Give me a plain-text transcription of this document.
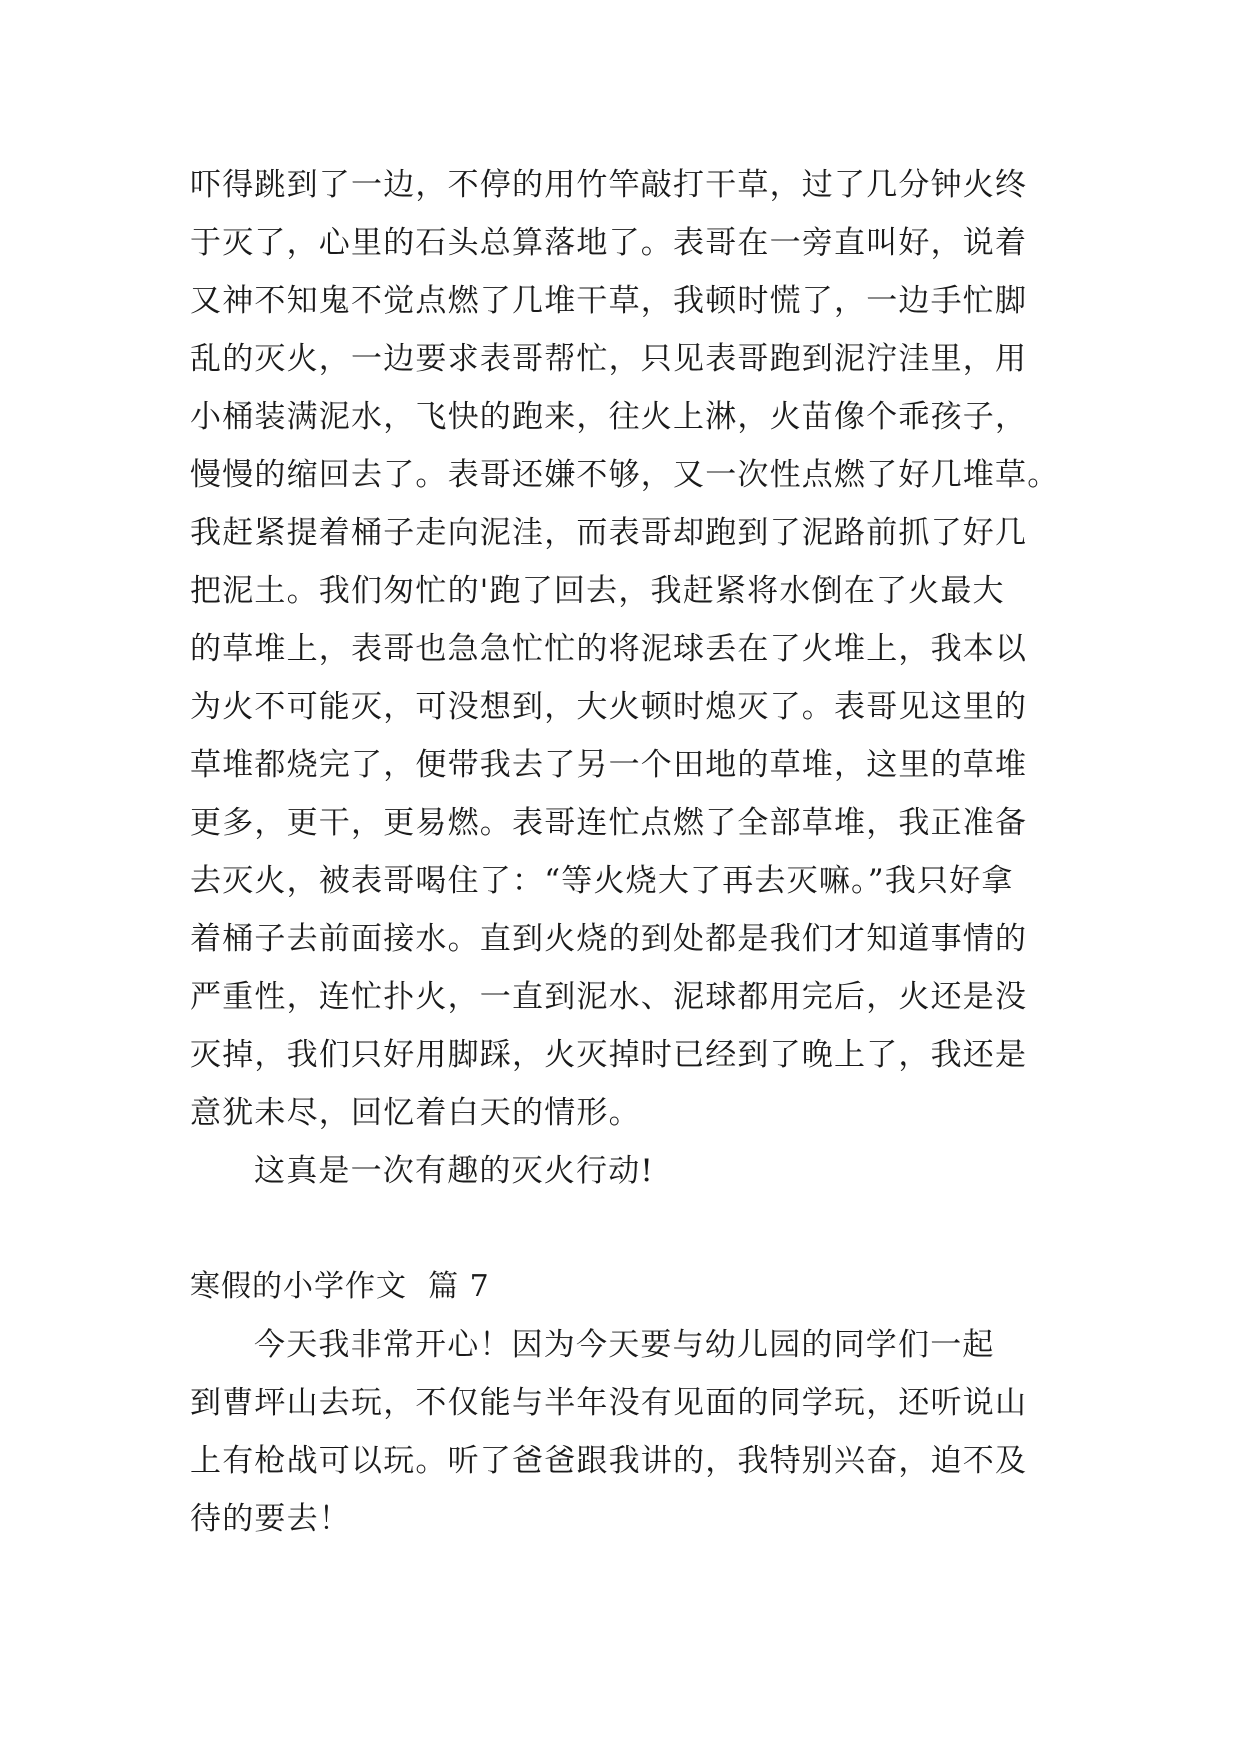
吓得跳到了一边，不停的用竹竿敲打干草，过了几分钟火终
于灭了，心里的石头总算落地了。表哥在一旁直叫好，说着
又神不知鬼不觉点燃了几堆干草，我顿时慌了，一边手忙脚
乱的灭火，一边要求表哥帮忙，只见表哥跑到泥泞洼里，用
小桶装满泥水，飞快的跑来，往火上淋，火苗像个乖孩子，
慢慢的缩回去了。表哥还嫌不够，又一次性点燃了好几堆草。
我赶紧提着桶子走向泥洼，而表哥却跑到了泥路前抓了好几
把泥土。我们匆忙的'跑了回去，我赶紧将水倒在了火最大
的草堆上，表哥也急急忙忙的将泥球丢在了火堆上，我本以
为火不可能灭，可没想到，大火顿时熄灭了。表哥见这里的
草堆都烧完了，便带我去了另一个田地的草堆，这里的草堆
更多，更干，更易燃。表哥连忙点燃了全部草堆，我正准备
去灭火，被表哥喝住了：“等火烧大了再去灭嘛。”我只好拿
着桶子去前面接水。直到火烧的到处都是我们才知道事情的
严重性，连忙扑火，一直到泥水、泥球都用完后，火还是没
灭掉，我们只好用脚踩，火灭掉时已经到了晚上了，我还是
意犹未尽，回忆着白天的情形。
这真是一次有趣的灭火行动!
寒假的小学作文  篇 7
今天我非常开心！因为今天要与幼儿园的同学们一起
到曹坪山去玩，不仅能与半年没有见面的同学玩，还听说山
上有枪战可以玩。听了爸爸跟我讲的，我特别兴奋，迫不及
待的要去！
